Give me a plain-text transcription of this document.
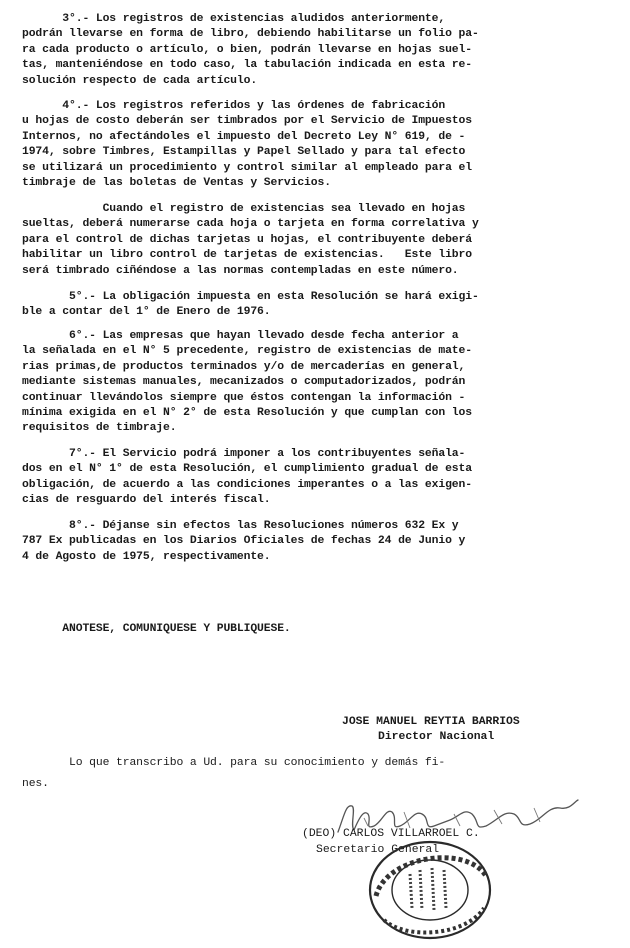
3°.- Los registros de existencias aludidos anteriormente,
podrán llevarse en forma de libro, debiendo habilitarse un folio pa-
ra cada producto o artículo, o bien, podrán llevarse en hojas suel-
tas, manteniéndose en todo caso, la tabulación indicada en esta re-
solución respecto de cada artículo.
4°.- Los registros referidos y las órdenes de fabricación
u hojas de costo deberán ser timbrados por el Servicio de Impuestos
Internos, no afectándoles el impuesto del Decreto Ley N° 619, de -
1974, sobre Timbres, Estampillas y Papel Sellado y para tal efecto
se utilizará un procedimiento y control similar al empleado para el
timbraje de las boletas de Ventas y Servicios.
Cuando el registro de existencias sea llevado en hojas
sueltas, deberá numerarse cada hoja o tarjeta en forma correlativa y
para el control de dichas tarjetas u hojas, el contribuyente deberá
habilitar un libro control de tarjetas de existencias.   Este libro
será timbrado ciñéndose a las normas contempladas en este número.
5°.- La obligación impuesta en esta Resolución se hará exigi-
ble a contar del 1° de Enero de 1976.
6°.- Las empresas que hayan llevado desde fecha anterior a
la señalada en el N° 5 precedente, registro de existencias de mate-
rias primas,de productos terminados y/o de mercaderías en general,
mediante sistemas manuales, mecanizados o computadorizados, podrán
continuar llevándolos siempre que éstos contengan la información -
mínima exigida en el N° 2° de esta Resolución y que cumplan con los
requisitos de timbraje.
7°.- El Servicio podrá imponer a los contribuyentes señala-
dos en el N° 1° de esta Resolución, el cumplimiento gradual de esta
obligación, de acuerdo a las condiciones imperantes o a las exigen-
cias de resguardo del interés fiscal.
8°.- Déjanse sin efectos las Resoluciones números 632 Ex y
787 Ex publicadas en los Diarios Oficiales de fechas 24 de Junio y
4 de Agosto de 1975, respectivamente.
ANOTESE, COMUNIQUESE Y PUBLIQUESE.
JOSE MANUEL REYTIA BARRIOS
Director Nacional
Lo que transcribo a Ud. para su conocimiento y demás fi-
nes.
(DEO) CARLOS VILLARROEL C.
Secretario General
